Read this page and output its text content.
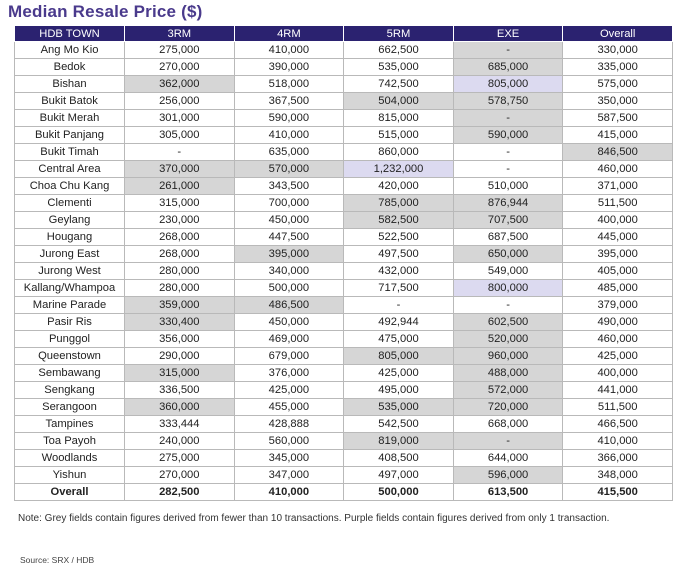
Median Resale Price ($)
HDB TOWN	3RM	4RM	5RM	EXE	Overall
Ang Mo Kio	275,000	410,000	662,500	-	330,000
Bedok	270,000	390,000	535,000	685,000	335,000
Bishan	362,000	518,000	742,500	805,000	575,000
Bukit Batok	256,000	367,500	504,000	578,750	350,000
Bukit Merah	301,000	590,000	815,000	-	587,500
Bukit Panjang	305,000	410,000	515,000	590,000	415,000
Bukit Timah	-	635,000	860,000	-	846,500
Central Area	370,000	570,000	1,232,000	-	460,000
Choa Chu Kang	261,000	343,500	420,000	510,000	371,000
Clementi	315,000	700,000	785,000	876,944	511,500
Geylang	230,000	450,000	582,500	707,500	400,000
Hougang	268,000	447,500	522,500	687,500	445,000
Jurong East	268,000	395,000	497,500	650,000	395,000
Jurong West	280,000	340,000	432,000	549,000	405,000
Kallang/Whampoa	280,000	500,000	717,500	800,000	485,000
Marine Parade	359,000	486,500	-	-	379,000
Pasir Ris	330,400	450,000	492,944	602,500	490,000
Punggol	356,000	469,000	475,000	520,000	460,000
Queenstown	290,000	679,000	805,000	960,000	425,000
Sembawang	315,000	376,000	425,000	488,000	400,000
Sengkang	336,500	425,000	495,000	572,000	441,000
Serangoon	360,000	455,000	535,000	720,000	511,500
Tampines	333,444	428,888	542,500	668,000	466,500
Toa Payoh	240,000	560,000	819,000	-	410,000
Woodlands	275,000	345,000	408,500	644,000	366,000
Yishun	270,000	347,000	497,000	596,000	348,000
Overall	282,500	410,000	500,000	613,500	415,500
Note: Grey fields contain figures derived from fewer than 10 transactions. Purple fields contain figures derived from only 1 transaction.
Source: SRX / HDB
